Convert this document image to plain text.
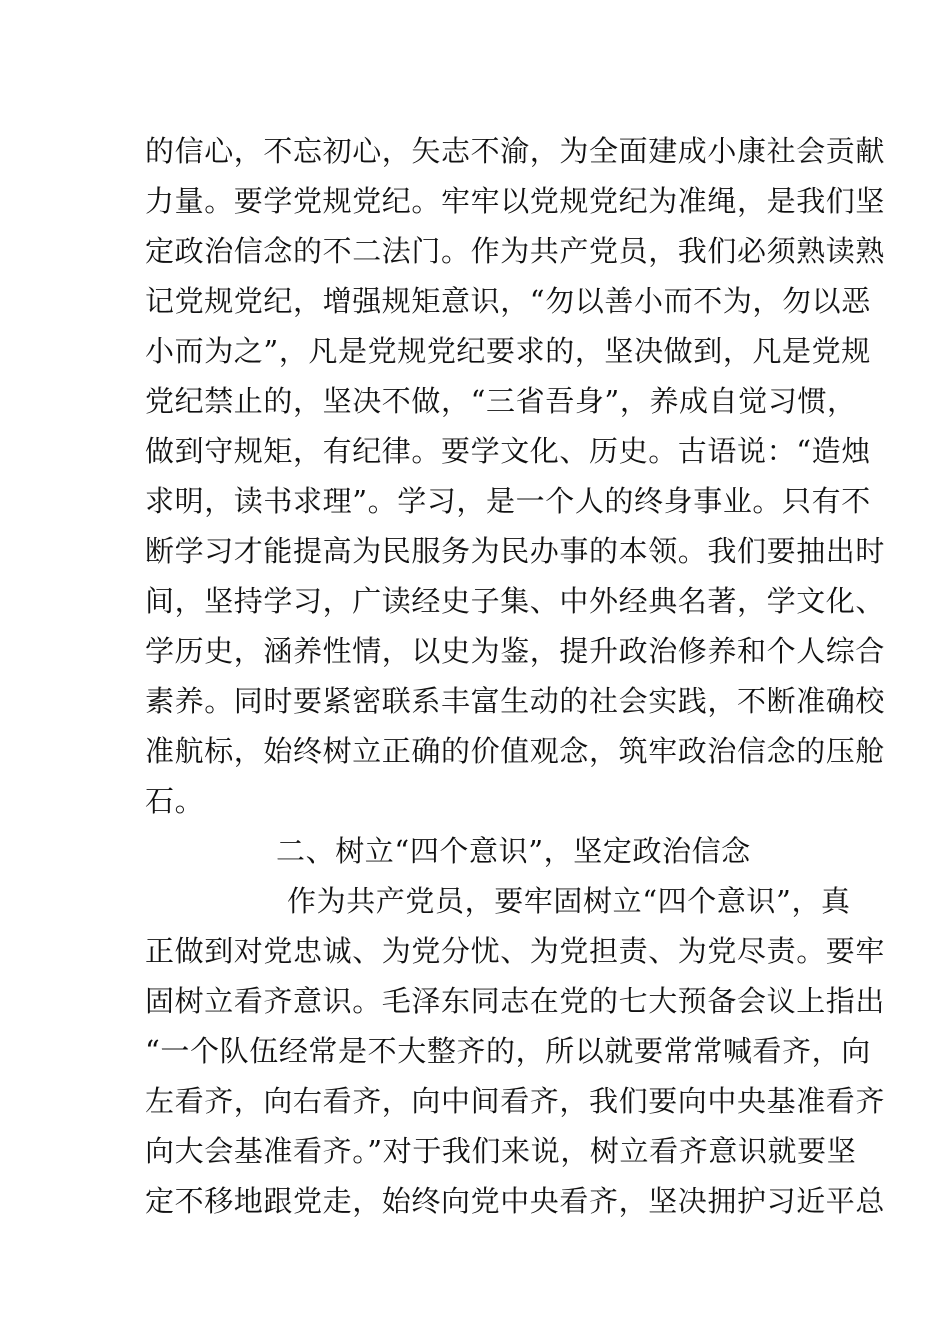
的信心，不忘初心，矢志不渝，为全面建成小康社会贡献
力量。要学党规党纪。牢牢以党规党纪为准绳，是我们坚
定政治信念的不二法门。作为共产党员，我们必须熟读熟
记党规党纪，增强规矩意识，“勿以善小而不为，勿以恶
小而为之”，凡是党规党纪要求的，坚决做到，凡是党规
党纪禁止的，坚决不做，“三省吾身”，养成自觉习惯，
做到守规矩，有纪律。要学文化、历史。古语说：“造烛
求明，读书求理”。学习，是一个人的终身事业。只有不
断学习才能提高为民服务为民办事的本领。我们要抽出时
间，坚持学习，广读经史子集、中外经典名著，学文化、
学历史，涵养性情，以史为鉴，提升政治修养和个人综合
素养。同时要紧密联系丰富生动的社会实践，不断准确校
准航标，始终树立正确的价值观念，筑牢政治信念的压舱
石。
二、树立“四个意识”，坚定政治信念
作为共产党员，要牢固树立“四个意识”，真
正做到对党忠诚、为党分忧、为党担责、为党尽责。要牢
固树立看齐意识。毛泽东同志在党的七大预备会议上指出
“一个队伍经常是不大整齐的，所以就要常常喊看齐，向
左看齐，向右看齐，向中间看齐，我们要向中央基准看齐
向大会基准看齐。”对于我们来说，树立看齐意识就要坚
定不移地跟党走，始终向党中央看齐，坚决拥护习近平总
